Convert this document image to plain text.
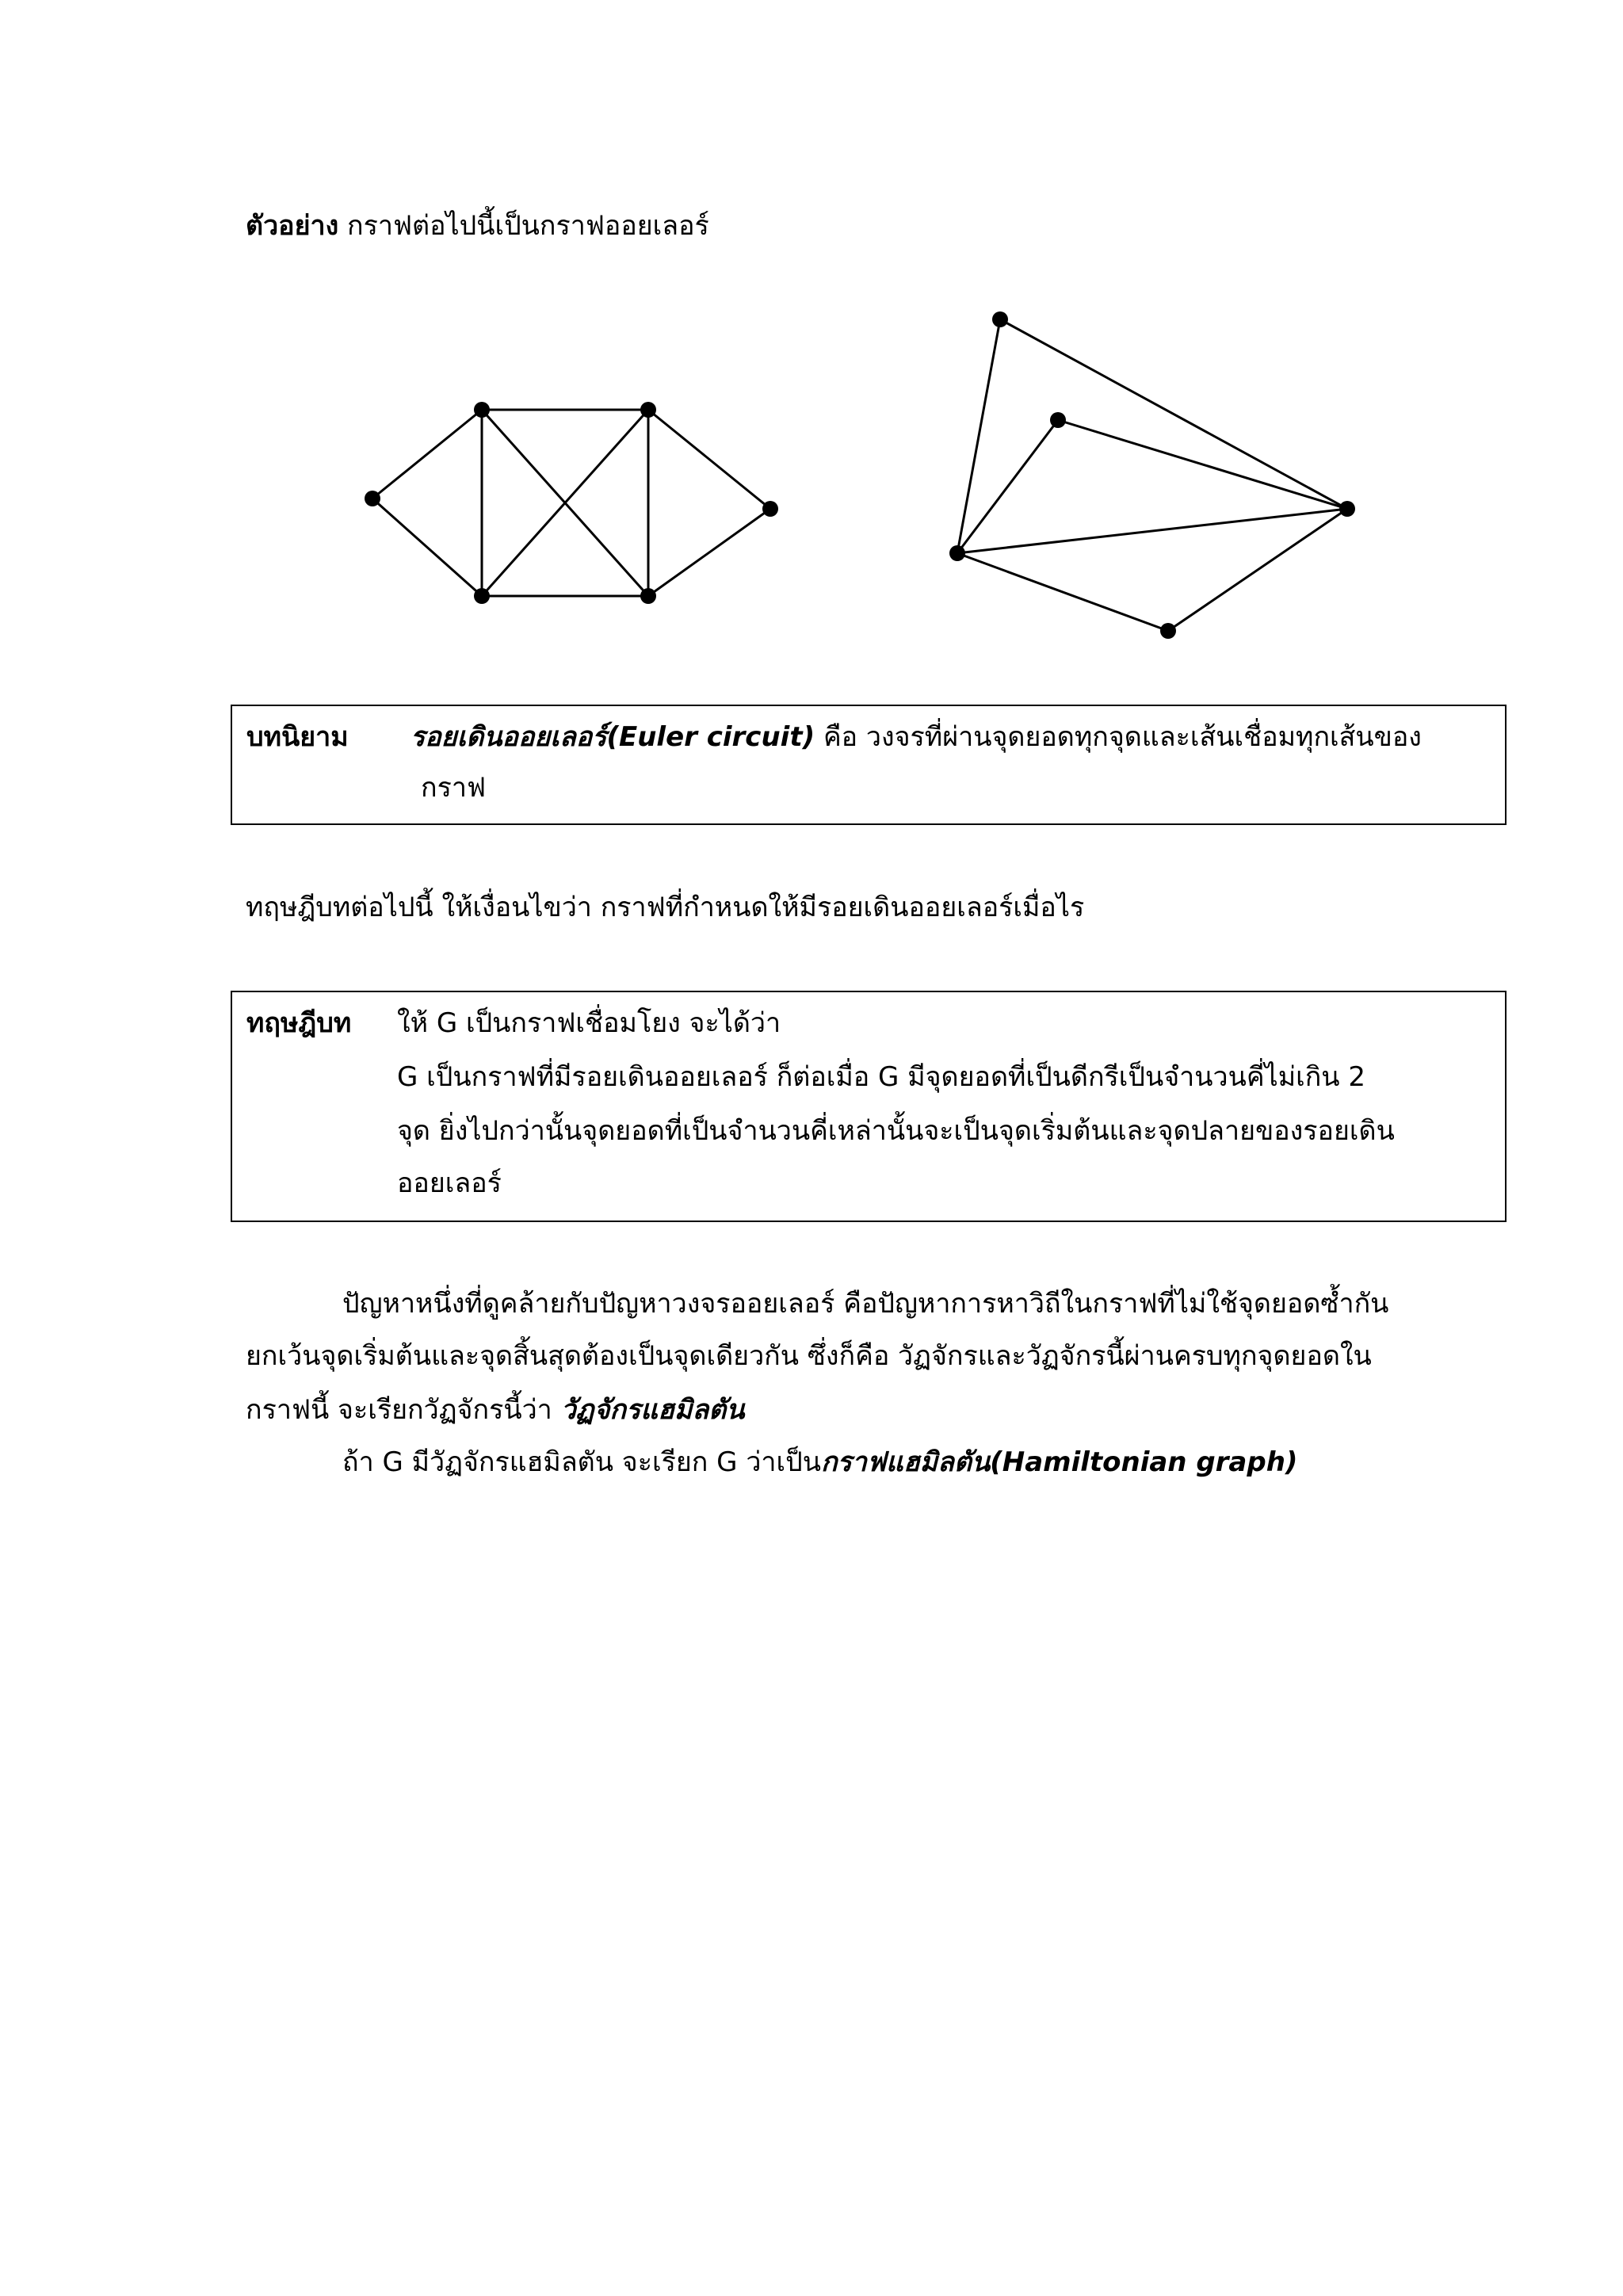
ตัวอย่าง กราฟต่อไปนี้เป็นกราฟออยเลอร์
บทนิยาม รอยเดินออยเลอร์(Euler circuit) คือ วงจรที่ผ่านจุดยอดทุกจุดและเส้นเชื่อมทุกเส้นของ
กราฟ
ทฤษฎีบทต่อไปนี้ ให้เงื่อนไขว่า กราฟที่กำหนดให้มีรอยเดินออยเลอร์เมื่อไร
ทฤษฎีบท ให้ G เป็นกราฟเชื่อมโยง จะได้ว่า
G เป็นกราฟที่มีรอยเดินออยเลอร์ ก็ต่อเมื่อ G มีจุดยอดที่เป็นดีกรีเป็นจำนวนคี่ไม่เกิน 2
จุด ยิ่งไปกว่านั้นจุดยอดที่เป็นจำนวนคี่เหล่านั้นจะเป็นจุดเริ่มต้นและจุดปลายของรอยเดิน
ออยเลอร์
ปัญหาหนึ่งที่ดูคล้ายกับปัญหาวงจรออยเลอร์ คือปัญหาการหาวิถีในกราฟที่ไม่ใช้จุดยอดซ้ำกัน
ยกเว้นจุดเริ่มต้นและจุดสิ้นสุดต้องเป็นจุดเดียวกัน ซึ่งก็คือ วัฏจักรและวัฏจักรนี้ผ่านครบทุกจุดยอดใน
กราฟนี้ จะเรียกวัฏจักรนี้ว่า วัฏจักรแฮมิลตัน
ถ้า G มีวัฏจักรแฮมิลตัน จะเรียก G ว่าเป็นกราฟแฮมิลตัน(Hamiltonian graph)
